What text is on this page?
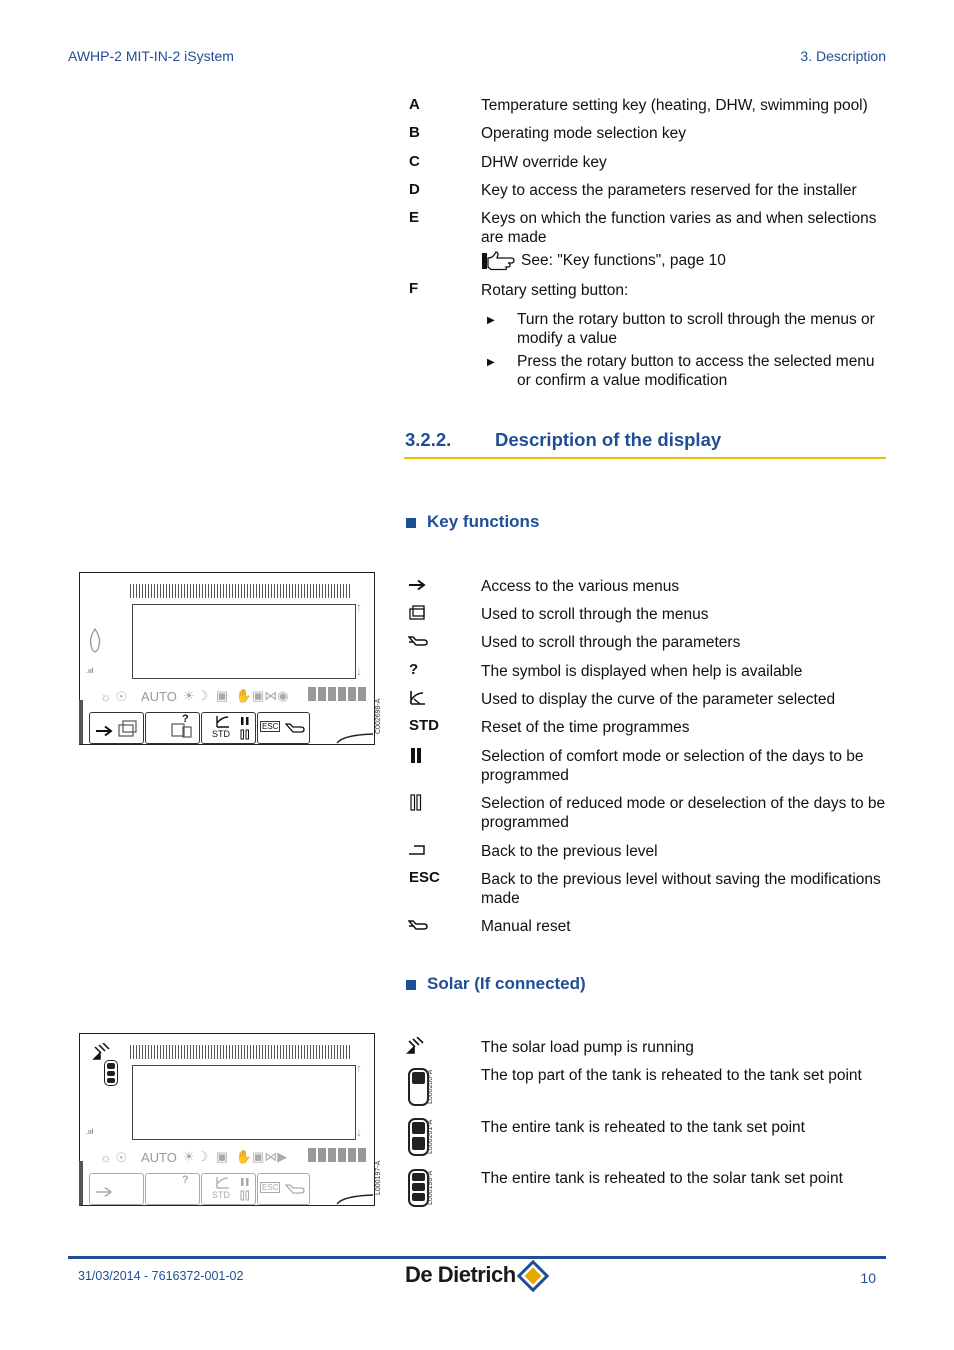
AWHP-2 MIT-IN-2 iSystem	3. Description
A	Temperature setting key (heating, DHW, swimming pool)
B	Operating mode selection key
C	DHW override key
D	Key to access the parameters reserved for the installer
E	Keys on which the function varies as and when selections are made
See: "Key functions", page 10
F	Rotary setting button:
▶ Turn the rotary button to scroll through the menus or modify a value
▶ Press the rotary button to access the selected menu or confirm a value modification
3.2.2. Description of the display
Key functions
Access to the various menus
Used to scroll through the menus
Used to scroll through the parameters
?	The symbol is displayed when help is available
Used to display the curve of the parameter selected
STD	Reset of the time programmes
Selection of comfort mode or selection of the days to be programmed
Selection of reduced mode or deselection of the days to be programmed
Back to the previous level
ESC	Back to the previous level without saving the modifications made
Manual reset
Solar (If connected)
The solar load pump is running
L000200-A	The top part of the tank is reheated to the tank set point
L000201-A	The entire tank is reheated to the tank set point
L000198-A	The entire tank is reheated to the solar tank set point
.ııl
↑
↓
AUTO
☼ ☉	☀☽ ▣ ✋
▣⋈◉
?
STD
ESC	C002698-A
.ııl
↑
↓
AUTO
☼ ☉	☀☽ ▣ ✋
▣⋈▶
?
STD
ESC	L000197-A
31/03/2014 - 7616372-001-02	De Dietrich	10
